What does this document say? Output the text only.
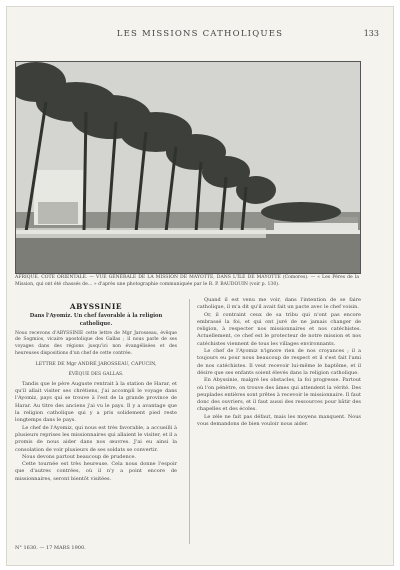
LES MISSIONS CATHOLIQUES	133
AFRIQUE. COTE ORIENTALE. — VUE GÉNÉRALE DE LA MISSION DE MAYOTTE, DANS L'ÎLE DE MAYOTTE (Comores). — « Les Pères de la Mission, qui ont été chassés de… » d'après une photographie communiquée par le R. P. BAUDOUIN (voir p. 130).
ABYSSINIE
Dans l'Ayomiz. Un chef favorable à la religion catholique.
Nous recevons d'ABYSSINIE cette lettre de Mgr Jarosseau, évêque de Sogmios, vicaire apostolique des Gallas ; il nous parle de ses voyages dans des régions jusqu'ici non évangélisées et des heureuses dispositions d'un chef de cette contrée.
LETTRE DE Mgr ANDRÉ JAROSSEAU, CAPUCIN,
ÉVÊQUE DES GALLAS.

Tandis que le père Auguste rentrait à la station de Harar, et qu'il allait visiter ses chrétiens, j'ai accompli le voyage dans l'Ayomiz, pays qui se trouve à l'est de la grande province de Harar. Au titre des anciens j'ai vu le pays. Il y a avantage que la religion catholique qui y a pris solidement pied reste longtemps dans le pays.

Le chef de l'Ayomiz, qui nous est très favorable, a accueilli à plusieurs reprises les missionnaires qui allaient le visiter, et il a promis de nous aider dans nos œuvres. J'ai eu ainsi la consolation de voir plusieurs de ses soldats se convertir.

Nous devons partout beaucoup de prudence.

Cette tournée est très heureuse. Cela nous donne l'espoir que d'autres contrées, où il n'y a point encore de missionnaires, seront bientôt visitées.

Quand il est venu me voir, dans l'intention de se faire catholique, il m'a dit qu'il avait fait un pacte avec le chef voisin.

Or, il contraint ceux de sa tribu qui n'ont pas encore embrassé la foi, et qui ont juré de ne jamais changer de religion, à respecter nos missionnaires et nos catéchistes. Actuellement, ce chef est le protecteur de notre mission et nos catéchistes viennent de tous les villages environnants.

Le chef de l'Ayomiz n'ignore rien de nos croyances ; il a toujours eu pour nous beaucoup de respect et il s'est fait l'ami de nos catéchistes. Il veut recevoir lui-même le baptême, et il désire que ses enfants soient élevés dans la religion catholique.

En Abyssinie, malgré les obstacles, la foi progresse. Partout où l'on pénètre, on trouve des âmes qui attendent la vérité. Des peuplades entières sont prêtes à recevoir le missionnaire. Il faut donc des ouvriers, et il faut aussi des ressources pour bâtir des chapelles et des écoles.

Le zèle ne fait pas défaut, mais les moyens manquent. Nous vous demandons de bien vouloir nous aider.

N° 1630. — 17 MARS 1900.
